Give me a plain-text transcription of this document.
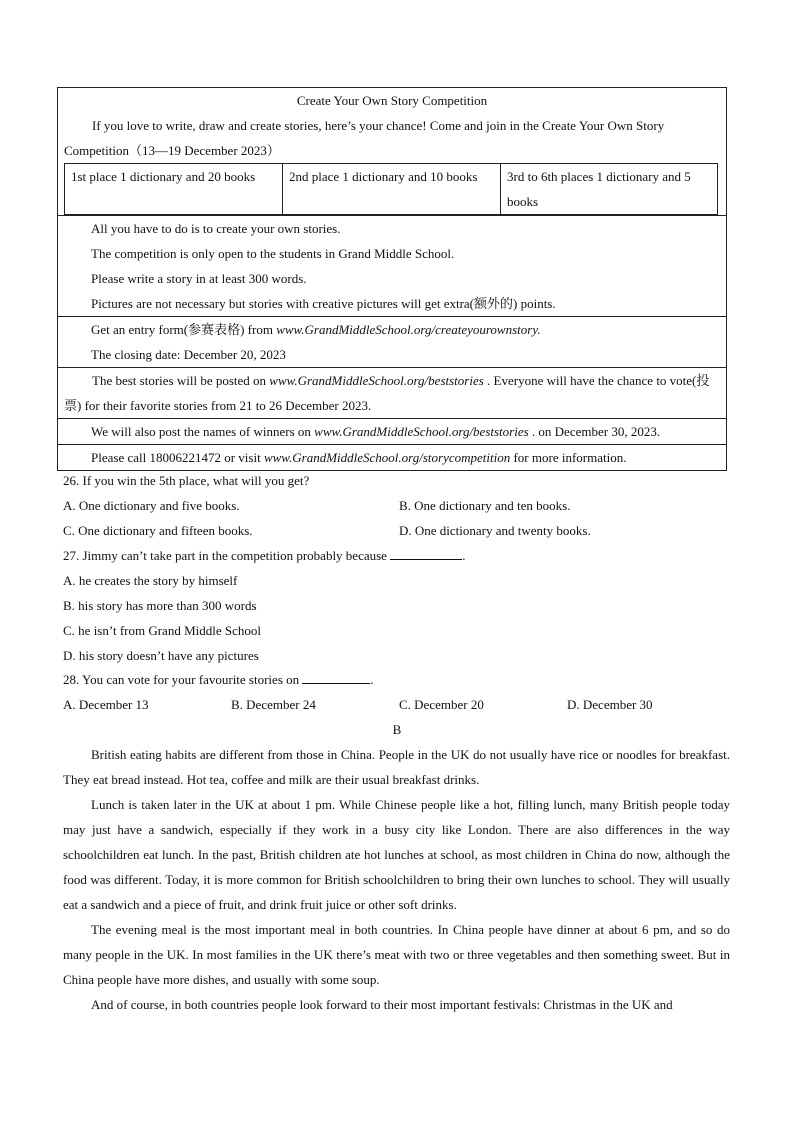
Create Your Own Story Competition
If you love to write, draw and create stories, here’s your chance! Come and join in the Create Your Own Story Competition（13—19 December 2023）
1st place 1 dictionary and 20 books	2nd place 1 dictionary and 10 books	3rd to 6th places 1 dictionary and 5 books
All you have to do is to create your own stories.
The competition is only open to the students in Grand Middle School.
Please write a story in at least 300 words.
Pictures are not necessary but stories with creative pictures will get extra(额外的) points.
Get an entry form(参赛表格) from www.GrandMiddleSchool.org/createyourownstory.
The closing date: December 20, 2023
The best stories will be posted on www.GrandMiddleSchool.org/beststories . Everyone will have the chance to vote(投票) for their favorite stories from 21 to 26 December 2023.
We will also post the names of winners on www.GrandMiddleSchool.org/beststories . on December 30, 2023.
Please call 18006221472 or visit www.GrandMiddleSchool.org/storycompetition for more information.
26. If you win the 5th place, what will you get?
A. One dictionary and five books.	B. One dictionary and ten books.
C. One dictionary and fifteen books.	D. One dictionary and twenty books.
27. Jimmy can’t take part in the competition probably because	.
A. he creates the story by himself
B. his story has more than 300 words
C. he isn’t from Grand Middle School
D. his story doesn’t have any pictures
28. You can vote for your favourite stories on	.
A. December 13	B. December 24	C. December 20	D. December 30
B

British eating habits are different from those in China. People in the UK do not usually have rice or noodles for breakfast. They eat bread instead. Hot tea, coffee and milk are their usual breakfast drinks.

Lunch is taken later in the UK at about 1 pm. While Chinese people like a hot, filling lunch, many British people today may just have a sandwich, especially if they work in a busy city like London. There are also differences in the way schoolchildren eat lunch. In the past, British children ate hot lunches at school, as most children in China do now, although the food was different. Today, it is more common for British schoolchildren to bring their own lunches to school. They will usually eat a sandwich and a piece of fruit, and drink fruit juice or other soft drinks.

The evening meal is the most important meal in both countries. In China people have dinner at about 6 pm, and so do many people in the UK. In most families in the UK there’s meat with two or three vegetables and then something sweet. But in China people have more dishes, and usually with some soup.

And of course, in both countries people look forward to their most important festivals: Christmas in the UK and
